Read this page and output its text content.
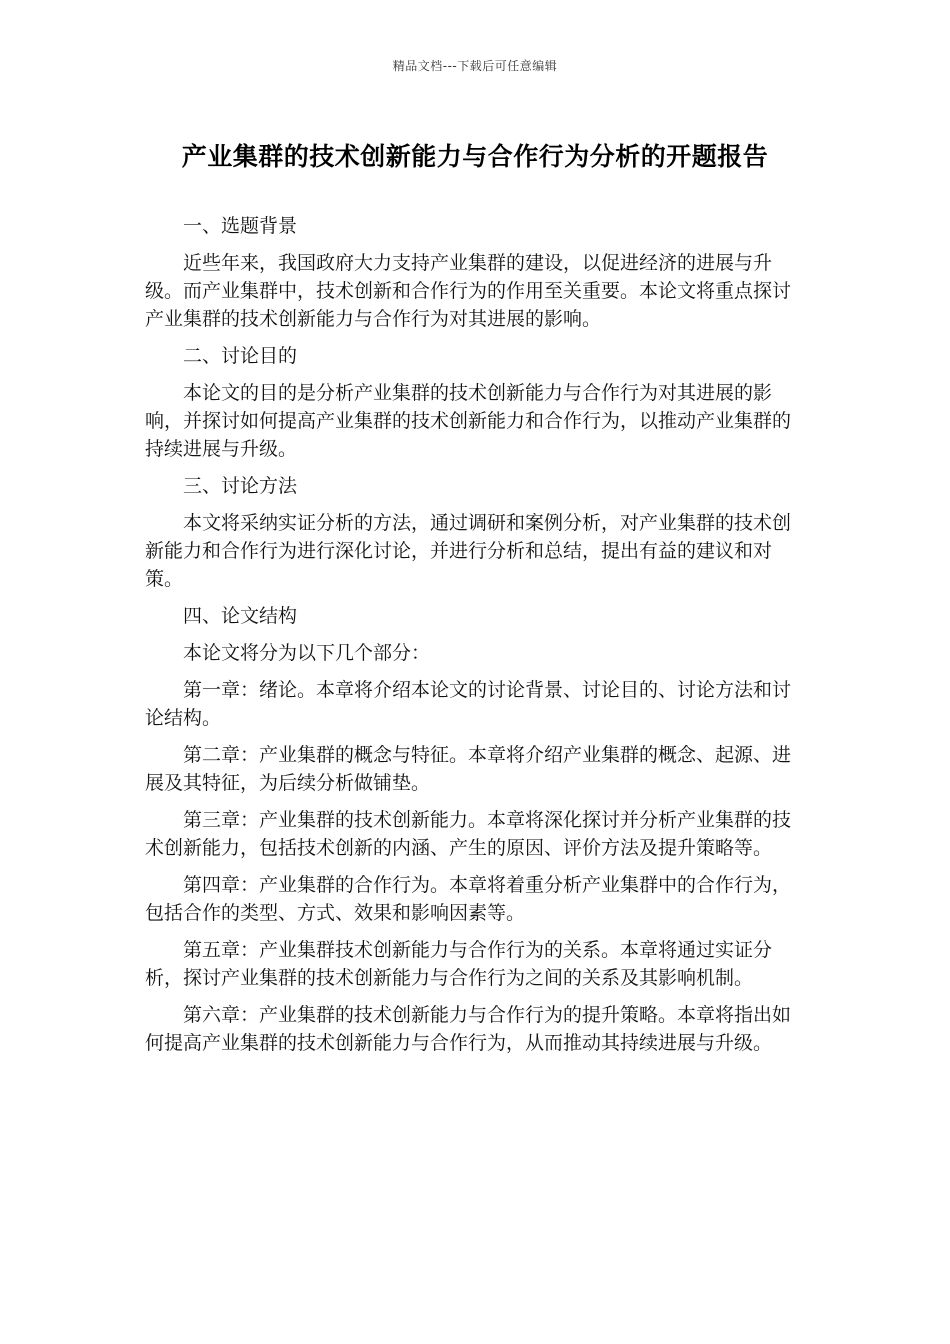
精品文档---下载后可任意编辑
产业集群的技术创新能力与合作行为分析的开题报告

一、选题背景

近些年来，我国政府大力支持产业集群的建设，以促进经济的进展与升级。而产业集群中，技术创新和合作行为的作用至关重要。本论文将重点探讨产业集群的技术创新能力与合作行为对其进展的影响。

二、讨论目的

本论文的目的是分析产业集群的技术创新能力与合作行为对其进展的影响，并探讨如何提高产业集群的技术创新能力和合作行为，以推动产业集群的持续进展与升级。

三、讨论方法

本文将采纳实证分析的方法，通过调研和案例分析，对产业集群的技术创新能力和合作行为进行深化讨论，并进行分析和总结，提出有益的建议和对策。

四、论文结构

本论文将分为以下几个部分：

第一章：绪论。本章将介绍本论文的讨论背景、讨论目的、讨论方法和讨论结构。

第二章：产业集群的概念与特征。本章将介绍产业集群的概念、起源、进展及其特征，为后续分析做铺垫。

第三章：产业集群的技术创新能力。本章将深化探讨并分析产业集群的技术创新能力，包括技术创新的内涵、产生的原因、评价方法及提升策略等。

第四章：产业集群的合作行为。本章将着重分析产业集群中的合作行为，包括合作的类型、方式、效果和影响因素等。

第五章：产业集群技术创新能力与合作行为的关系。本章将通过实证分析，探讨产业集群的技术创新能力与合作行为之间的关系及其影响机制。

第六章：产业集群的技术创新能力与合作行为的提升策略。本章将指出如何提高产业集群的技术创新能力与合作行为，从而推动其持续进展与升级。
